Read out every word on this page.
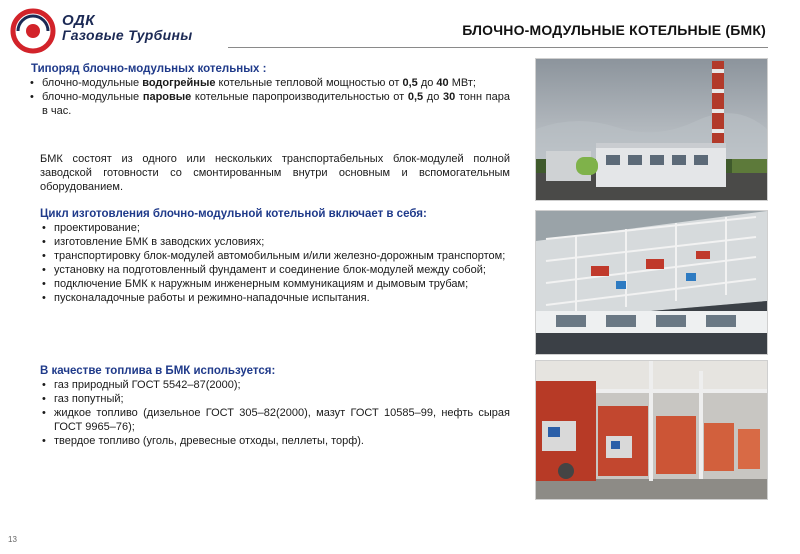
ОДК
Газовые Турбины	БЛОЧНО-МОДУЛЬНЫЕ КОТЕЛЬНЫЕ (БМК)
Типоряд блочно-модульных котельных :
• блочно-модульные водогрейные котельные тепловой мощностью от 0,5 до 40 МВт;
• блочно-модульные паровые котельные паропроизводительностью от 0,5 до 30 тонн пара в час.
БМК состоят из одного или нескольких транспортабельных блок-модулей полной заводской готовности со смонтированным внутри основным и вспомогательным оборудованием.
Цикл изготовления блочно-модульной котельной включает в себя:
• проектирование;
• изготовление БМК в заводских условиях;
• транспортировку блок-модулей автомобильным и/или железно-дорожным транспортом;
• установку на подготовленный фундамент и соединение блок-модулей между собой;
• подключение БМК к наружным инженерным коммуникациям и дымовым трубам;
• пусконаладочные работы и режимно-нападочные испытания.
В качестве топлива в БМК используется:
• газ природный ГОСТ 5542–87(2000);
• газ попутный;
• жидкое топливо (дизельное ГОСТ 305–82(2000), мазут ГОСТ 10585–99, нефть сырая ГОСТ 9965–76);
• твердое топливо (уголь, древесные отходы, пеллеты, торф).
13
